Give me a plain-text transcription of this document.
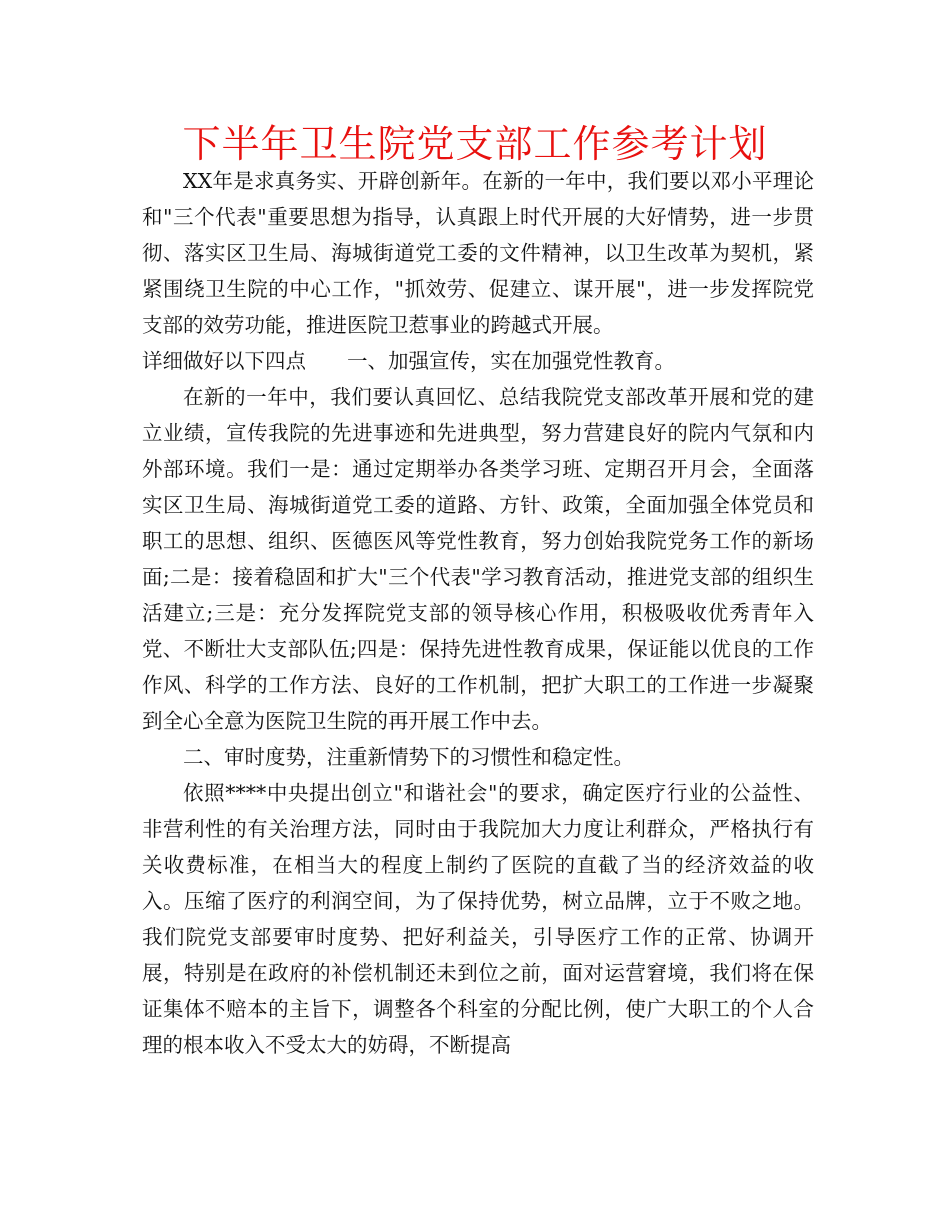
下半年卫生院党支部工作参考计划

XX年是求真务实、开辟创新年。在新的一年中，我们要以邓小平理论和"三个代表"重要思想为指导，认真跟上时代开展的大好情势，进一步贯彻、落实区卫生局、海城街道党工委的文件精神，以卫生改革为契机，紧紧围绕卫生院的中心工作，"抓效劳、促建立、谋开展"，进一步发挥院党支部的效劳功能，推进医院卫惹事业的跨越式开展。

详细做好以下四点　　一、加强宣传，实在加强党性教育。

在新的一年中，我们要认真回忆、总结我院党支部改革开展和党的建立业绩，宣传我院的先进事迹和先进典型，努力营建良好的院内气氛和内外部环境。我们一是：通过定期举办各类学习班、定期召开月会，全面落实区卫生局、海城街道党工委的道路、方针、政策，全面加强全体党员和职工的思想、组织、医德医风等党性教育，努力创始我院党务工作的新场面;二是：接着稳固和扩大"三个代表"学习教育活动，推进党支部的组织生活建立;三是：充分发挥院党支部的领导核心作用，积极吸收优秀青年入党、不断壮大支部队伍;四是：保持先进性教育成果，保证能以优良的工作作风、科学的工作方法、良好的工作机制，把扩大职工的工作进一步凝聚到全心全意为医院卫生院的再开展工作中去。

二、审时度势，注重新情势下的习惯性和稳定性。

依照****中央提出创立"和谐社会"的要求，确定医疗行业的公益性、非营利性的有关治理方法，同时由于我院加大力度让利群众，严格执行有关收费标准，在相当大的程度上制约了医院的直截了当的经济效益的收入。压缩了医疗的利润空间，为了保持优势，树立品牌，立于不败之地。我们院党支部要审时度势、把好利益关，引导医疗工作的正常、协调开展，特别是在政府的补偿机制还未到位之前，面对运营窘境，我们将在保证集体不赔本的主旨下，调整各个科室的分配比例，使广大职工的个人合理的根本收入不受太大的妨碍，不断提高
